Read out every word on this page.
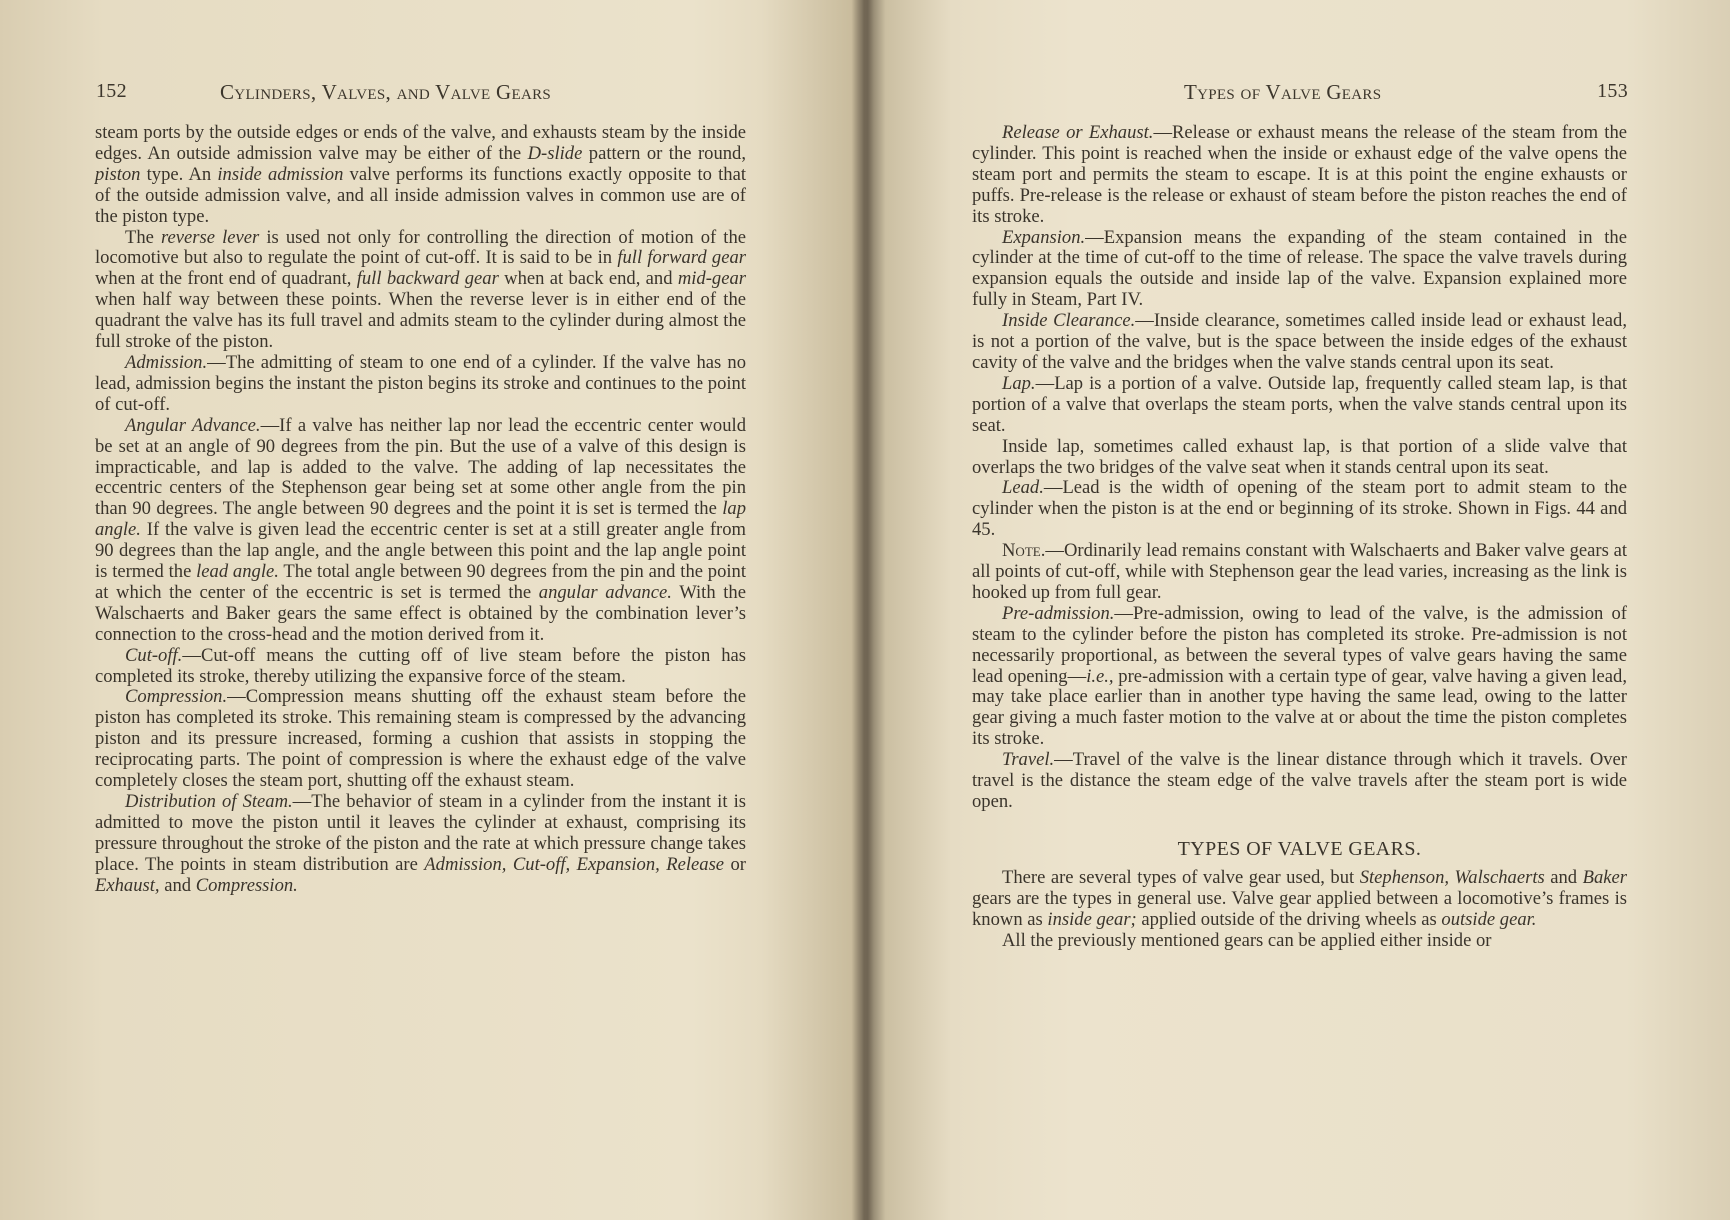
152	Cylinders, Valves, and Valve Gears

steam ports by the outside edges or ends of the valve, and exhausts steam by the inside edges. An outside admission valve may be either of the D-slide pattern or the round, piston type. An inside admission valve performs its functions exactly opposite to that of the outside admission valve, and all inside admission valves in common use are of the piston type.

The reverse lever is used not only for controlling the direction of motion of the locomotive but also to regulate the point of cut-off. It is said to be in full forward gear when at the front end of quadrant, full backward gear when at back end, and mid-gear when half way between these points. When the reverse lever is in either end of the quadrant the valve has its full travel and admits steam to the cylinder during almost the full stroke of the piston.

Admission.—The admitting of steam to one end of a cylinder. If the valve has no lead, admission begins the instant the piston begins its stroke and continues to the point of cut-off.

Angular Advance.—If a valve has neither lap nor lead the eccentric center would be set at an angle of 90 degrees from the pin. But the use of a valve of this design is impracticable, and lap is added to the valve. The adding of lap necessitates the eccentric centers of the Stephenson gear being set at some other angle from the pin than 90 degrees. The angle between 90 degrees and the point it is set is termed the lap angle. If the valve is given lead the eccentric center is set at a still greater angle from 90 degrees than the lap angle, and the angle between this point and the lap angle point is termed the lead angle. The total angle between 90 degrees from the pin and the point at which the center of the eccentric is set is termed the angular advance. With the Walschaerts and Baker gears the same effect is obtained by the combination lever’s connection to the cross-head and the motion derived from it.

Cut-off.—Cut-off means the cutting off of live steam before the piston has completed its stroke, thereby utilizing the expansive force of the steam.

Compression.—Compression means shutting off the exhaust steam before the piston has completed its stroke. This remaining steam is compressed by the advancing piston and its pressure increased, forming a cushion that assists in stopping the reciprocating parts. The point of compression is where the exhaust edge of the valve completely closes the steam port, shutting off the exhaust steam.

Distribution of Steam.—The behavior of steam in a cylinder from the instant it is admitted to move the piston until it leaves the cylinder at exhaust, comprising its pressure throughout the stroke of the piston and the rate at which pressure change takes place. The points in steam distribution are Admission, Cut-off, Expansion, Release or Exhaust, and Compression.

Types of Valve Gears	153

Release or Exhaust.—Release or exhaust means the release of the steam from the cylinder. This point is reached when the inside or exhaust edge of the valve opens the steam port and permits the steam to escape. It is at this point the engine exhausts or puffs. Pre-release is the release or exhaust of steam before the piston reaches the end of its stroke.

Expansion.—Expansion means the expanding of the steam contained in the cylinder at the time of cut-off to the time of release. The space the valve travels during expansion equals the outside and inside lap of the valve. Expansion explained more fully in Steam, Part IV.

Inside Clearance.—Inside clearance, sometimes called inside lead or exhaust lead, is not a portion of the valve, but is the space between the inside edges of the exhaust cavity of the valve and the bridges when the valve stands central upon its seat.

Lap.—Lap is a portion of a valve. Outside lap, frequently called steam lap, is that portion of a valve that overlaps the steam ports, when the valve stands central upon its seat.

Inside lap, sometimes called exhaust lap, is that portion of a slide valve that overlaps the two bridges of the valve seat when it stands central upon its seat.

Lead.—Lead is the width of opening of the steam port to admit steam to the cylinder when the piston is at the end or beginning of its stroke. Shown in Figs. 44 and 45.

Note.—Ordinarily lead remains constant with Walschaerts and Baker valve gears at all points of cut-off, while with Stephenson gear the lead varies, increasing as the link is hooked up from full gear.

Pre-admission.—Pre-admission, owing to lead of the valve, is the admission of steam to the cylinder before the piston has completed its stroke. Pre-admission is not necessarily proportional, as between the several types of valve gears having the same lead opening—i.e., pre-admission with a certain type of gear, valve having a given lead, may take place earlier than in another type having the same lead, owing to the latter gear giving a much faster motion to the valve at or about the time the piston completes its stroke.

Travel.—Travel of the valve is the linear distance through which it travels. Over travel is the distance the steam edge of the valve travels after the steam port is wide open.

TYPES OF VALVE GEARS.

There are several types of valve gear used, but Stephenson, Walschaerts and Baker gears are the types in general use. Valve gear applied between a locomotive’s frames is known as inside gear; applied outside of the driving wheels as outside gear.

All the previously mentioned gears can be applied either inside or
